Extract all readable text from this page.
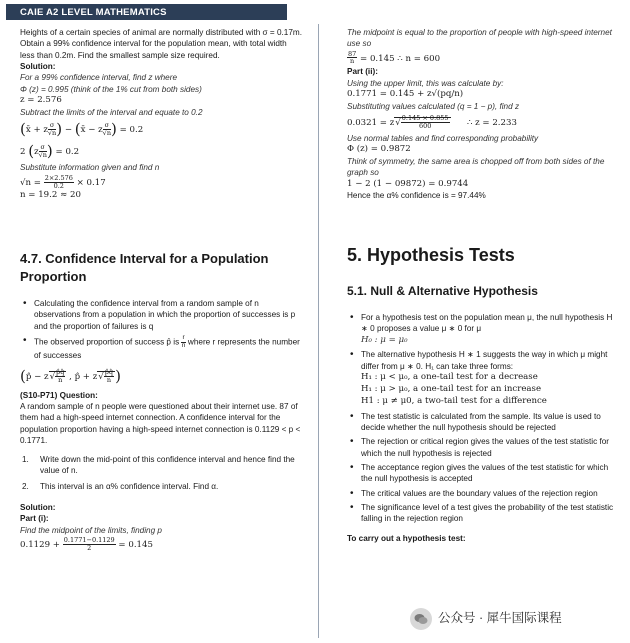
CAIE A2 LEVEL MATHEMATICS

Heights of a certain species of animal are normally distributed with σ = 0.17m. Obtain a 99% confidence interval for the population mean, with total width less than 0.2m. Find the smallest sample size required.

Solution:

For a 99% confidence interval, find z where

Φ (z) = 0.995 (think of the 1% cut from both sides)

z = 2.576

Subtract the limits of the interval and equate to 0.2

(x̄ + z $\frac{\sigma}{√n}$ ) − (x̄ − z $\frac{\sigma}{√n}$ ) = 0.2
2 ($z \frac{\sigma}{√n}$ ) = 0.2

Substitute information given and find n

$√n = \frac{2\times 2.576}{0.2} \times 0.17$

n = 19.2 ≈ 20

4.7. Confidence Interval for a Population Proportion

• Calculating the confidence interval from a random sample of n observations from a population in which the proportion of successes is p and the proportion of failures is q
• The observed proportion of success p̂ is $\frac{r}{n}$ where r represents the number of successes
(p̂ − $z√ \frac{p̂q̂}{n}$ , p̂ + $z√ \frac{p̂q̂}{n}$ )

(S10-P71) Question:

A random sample of n people were questioned about their internet use. 87 of them had a high-speed internet connection. A confidence interval for the population proportion having a high-speed internet connection is 0.1129 < p < 0.1771.

1. Write down the mid-point of this confidence interval and hence find the value of n.
2. This interval is an α% confidence interval. Find α.

Solution:

Part (i):

Find the midpoint of the limits, finding p

$0.1129 + \frac{0.1771-0.1129}{2} = 0.145$

The midpoint is equal to the proportion of people with high-speed internet use so

$\frac{87}{n} = 0.145$ ∴ n = 600

Part (ii):

Using the upper limit, this was calculate by:

0.1771 = 0.145 + z√(pq/n)

Substituting values calculated (q = 1 − p), find z

$0.0321 = z√ \frac{0.145 \times 0.855}{600}$ ∴ z = 2.233

Use normal tables and find corresponding probability

Φ (z) = 0.9872

Think of symmetry, the same area is chopped off from both sides of the graph so

1 − 2 (1 − 09872) = 0.9744

Hence the α% confidence is = 97.44%

5. Hypothesis Tests

5.1. Null & Alternative Hypothesis

• For a hypothesis test on the population mean μ, the null hypothesis H ∗ 0 proposes a value μ ∗ 0 for μ
H₀ : μ = μ₀
• The alternative hypothesis H ∗ 1 suggests the way in which μ might differ from μ ∗ 0. H₁ can take three forms:
H₁ : μ < μ₀, a one-tail test for a decrease
H₁ : μ > μ₀, a one-tail test for an increase
H1 : μ ≠ μ0, a two-tail test for a difference
• The test statistic is calculated from the sample. Its value is used to decide whether the null hypothesis should be rejected
• The rejection or critical region gives the values of the test statistic for which the null hypothesis is rejected
• The acceptance region gives the values of the test statistic for which the null hypothesis is accepted
• The critical values are the boundary values of the rejection region
• The significance level of a test gives the probability of the test statistic falling in the rejection region

To carry out a hypothesis test:

公众号 · 犀牛国际课程
